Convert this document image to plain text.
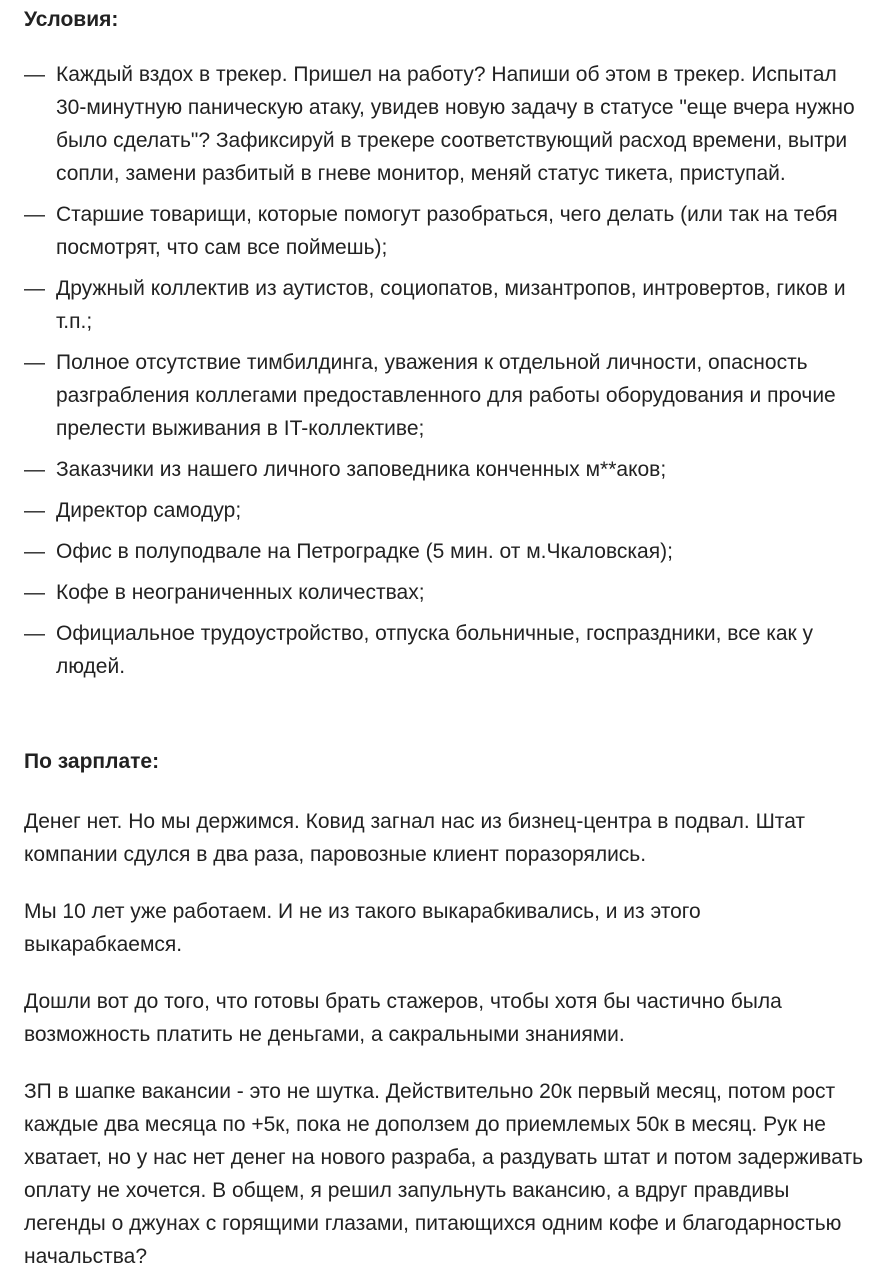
Условия:
— Каждый вздох в трекер. Пришел на работу? Напиши об этом в трекер. Испытал 30-минутную паническую атаку, увидев новую задачу в статусе "еще вчера нужно было сделать"? Зафиксируй в трекере соответствующий расход времени, вытри сопли, замени разбитый в гневе монитор, меняй статус тикета, приступай.
— Старшие товарищи, которые помогут разобраться, чего делать (или так на тебя посмотрят, что сам все поймешь);
— Дружный коллектив из аутистов, социопатов, мизантропов, интровертов, гиков и т.п.;
— Полное отсутствие тимбилдинга, уважения к отдельной личности, опасность разграбления коллегами предоставленного для работы оборудования и прочие прелести выживания в IT-коллективе;
— Заказчики из нашего личного заповедника конченных м**аков;
— Директор самодур;
— Офис в полуподвале на Петроградке (5 мин. от м.Чкаловская);
— Кофе в неограниченных количествах;
— Официальное трудоустройство, отпуска больничные, госпраздники, все как у людей.
По зарплате:

Денег нет. Но мы держимся. Ковид загнал нас из бизнец-центра в подвал. Штат компании сдулся в два раза, паровозные клиент поразорялись.

Мы 10 лет уже работаем. И не из такого выкарабкивались, и из этого выкарабкаемся.

Дошли вот до того, что готовы брать стажеров, чтобы хотя бы частично была возможность платить не деньгами, а сакральными знаниями.

ЗП в шапке вакансии - это не шутка. Действительно 20к первый месяц, потом рост каждые два месяца по +5к, пока не доползем до приемлемых 50к в месяц. Рук не хватает, но у нас нет денег на нового разраба, а раздувать штат и потом задерживать оплату не хочется. В общем, я решил запульнуть вакансию, а вдруг правдивы легенды о джунах с горящими глазами, питающихся одним кофе и благодарностью начальства?
